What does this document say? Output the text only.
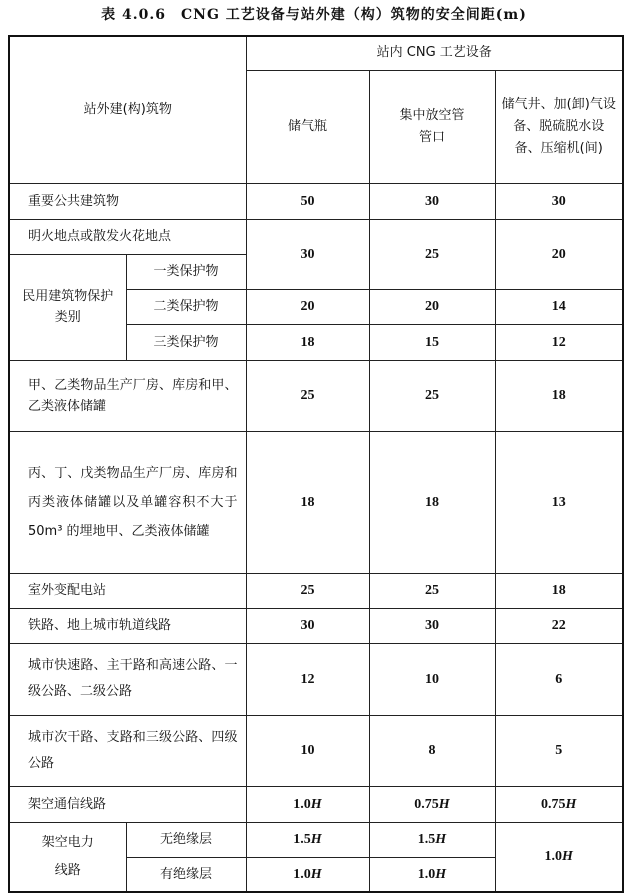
表 4.0.6　CNG 工艺设备与站外建（构）筑物的安全间距(m)
站外建(构)筑物		站内 CNG 工艺设备		
		储气瓶	集中放空管管口	储气井、加(卸)气设备、脱硫脱水设备、压缩机(间)
重要公共建筑物		50	30	30
明火地点或散发火花地点		30	25	20
民用建筑物保护类别	一类保护物			
	二类保护物	20	20	14
	三类保护物	18	15	12
甲、乙类物品生产厂房、库房和甲、乙类液体储罐		25	25	18
丙、丁、戊类物品生产厂房、库房和丙类液体储罐以及单罐容积不大于 50m³ 的埋地甲、乙类液体储罐		18	18	13
室外变配电站		25	25	18
铁路、地上城市轨道线路		30	30	22
城市快速路、主干路和高速公路、一级公路、二级公路		12	10	6
城市次干路、支路和三级公路、四级公路		10	8	5
架空通信线路		1.0H	0.75H	0.75H
架空电力线路	无绝缘层	1.5H	1.5H	1.0H
	有绝缘层	1.0H	1.0H	
